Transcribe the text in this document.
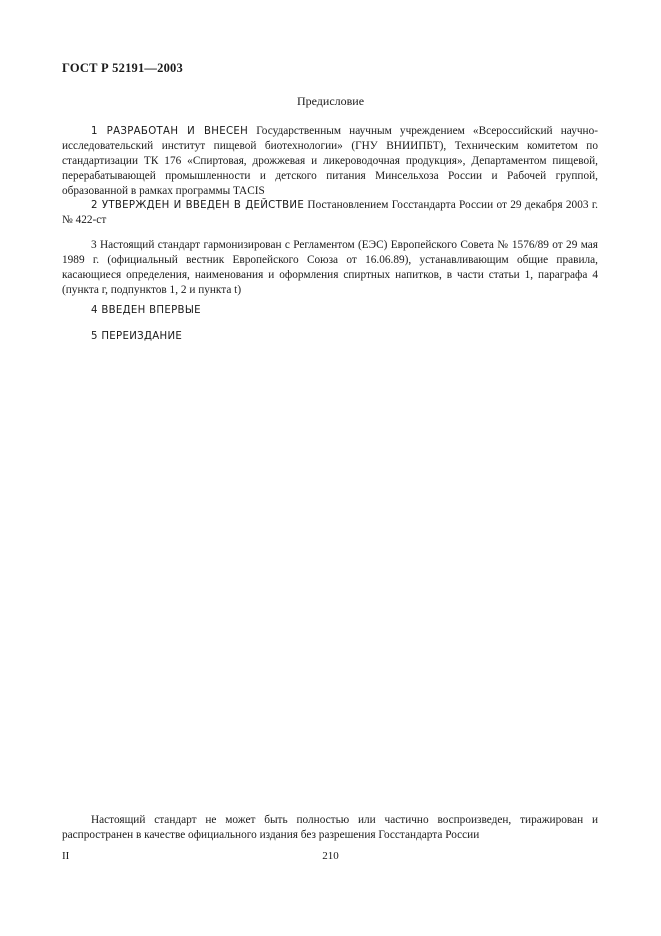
ГОСТ Р 52191—2003
Предисловие
1 РАЗРАБОТАН И ВНЕСЕН Государственным научным учреждением «Всероссийский научно-исследовательский институт пищевой биотехнологии» (ГНУ ВНИИПБТ), Техническим комитетом по стандартизации ТК 176 «Спиртовая, дрожжевая и ликероводочная продукция», Департаментом пищевой, перерабатывающей промышленности и детского питания Минсельхоза России и Рабочей группой, образованной в рамках программы TACIS
2 УТВЕРЖДЕН И ВВЕДЕН В ДЕЙСТВИЕ Постановлением Госстандарта России от 29 декабря 2003 г. № 422-ст
3 Настоящий стандарт гармонизирован с Регламентом (ЕЭС) Европейского Совета № 1576/89 от 29 мая 1989 г. (официальный вестник Европейского Союза от 16.06.89), устанавливающим общие правила, касающиеся определения, наименования и оформления спиртных напитков, в части статьи 1, параграфа 4 (пункта г, подпунктов 1, 2 и пункта t)
4 ВВЕДЕН ВПЕРВЫЕ
5 ПЕРЕИЗДАНИЕ
Настоящий стандарт не может быть полностью или частично воспроизведен, тиражирован и распространен в качестве официального издания без разрешения Госстандарта России
II	210
